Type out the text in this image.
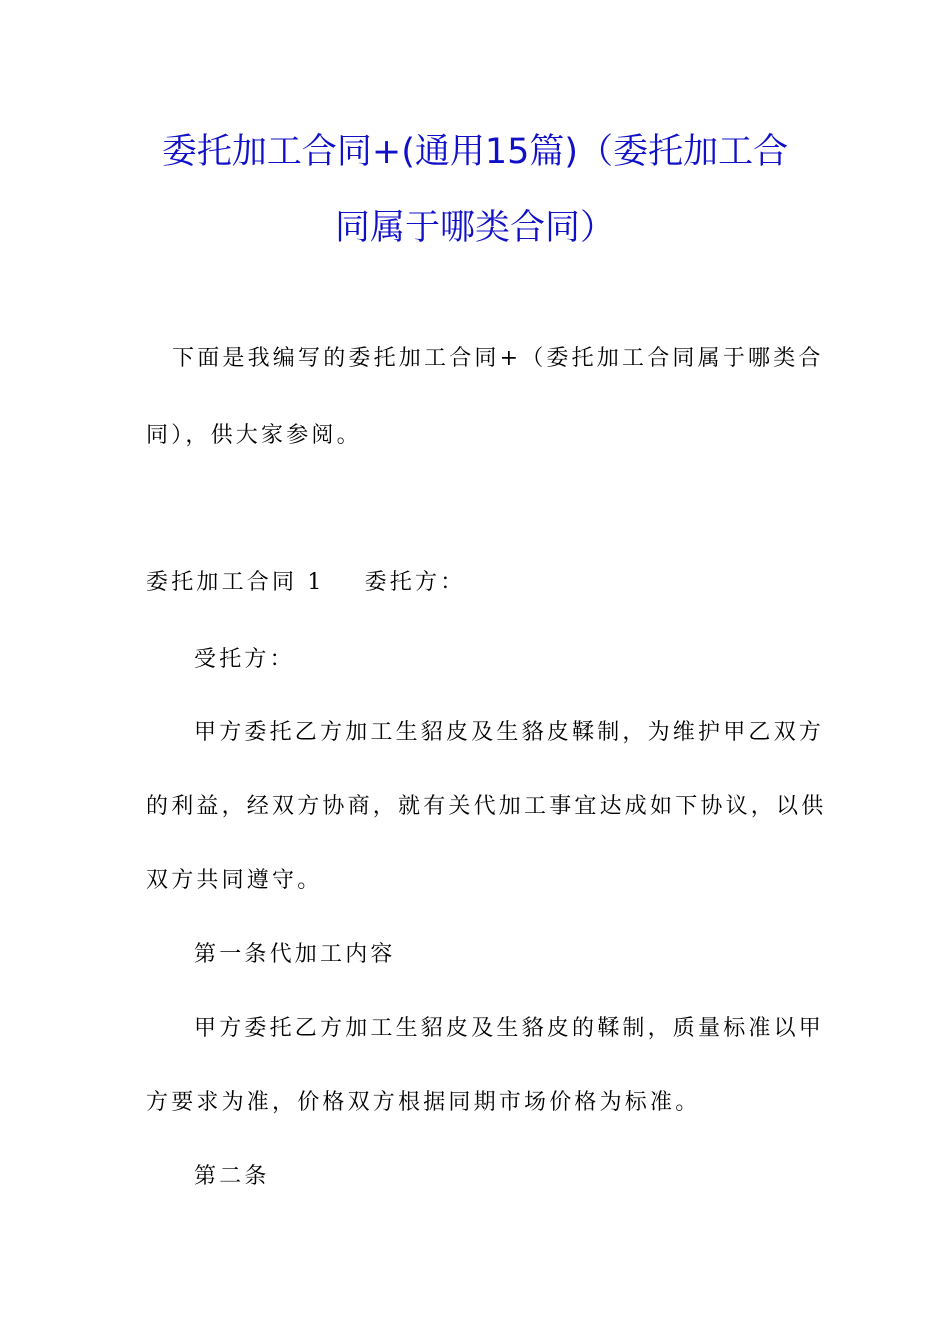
委托加工合同+(通用15篇)（委托加工合
同属于哪类合同）
下面是我编写的委托加工合同+（委托加工合同属于哪类合
同），供大家参阅。
委托加工合同 1 委托方：
受托方：
甲方委托乙方加工生貂皮及生貉皮鞣制，为维护甲乙双方
的利益，经双方协商，就有关代加工事宜达成如下协议，以供
双方共同遵守。
第一条代加工内容
甲方委托乙方加工生貂皮及生貉皮的鞣制，质量标准以甲
方要求为准，价格双方根据同期市场价格为标准。
第二条
